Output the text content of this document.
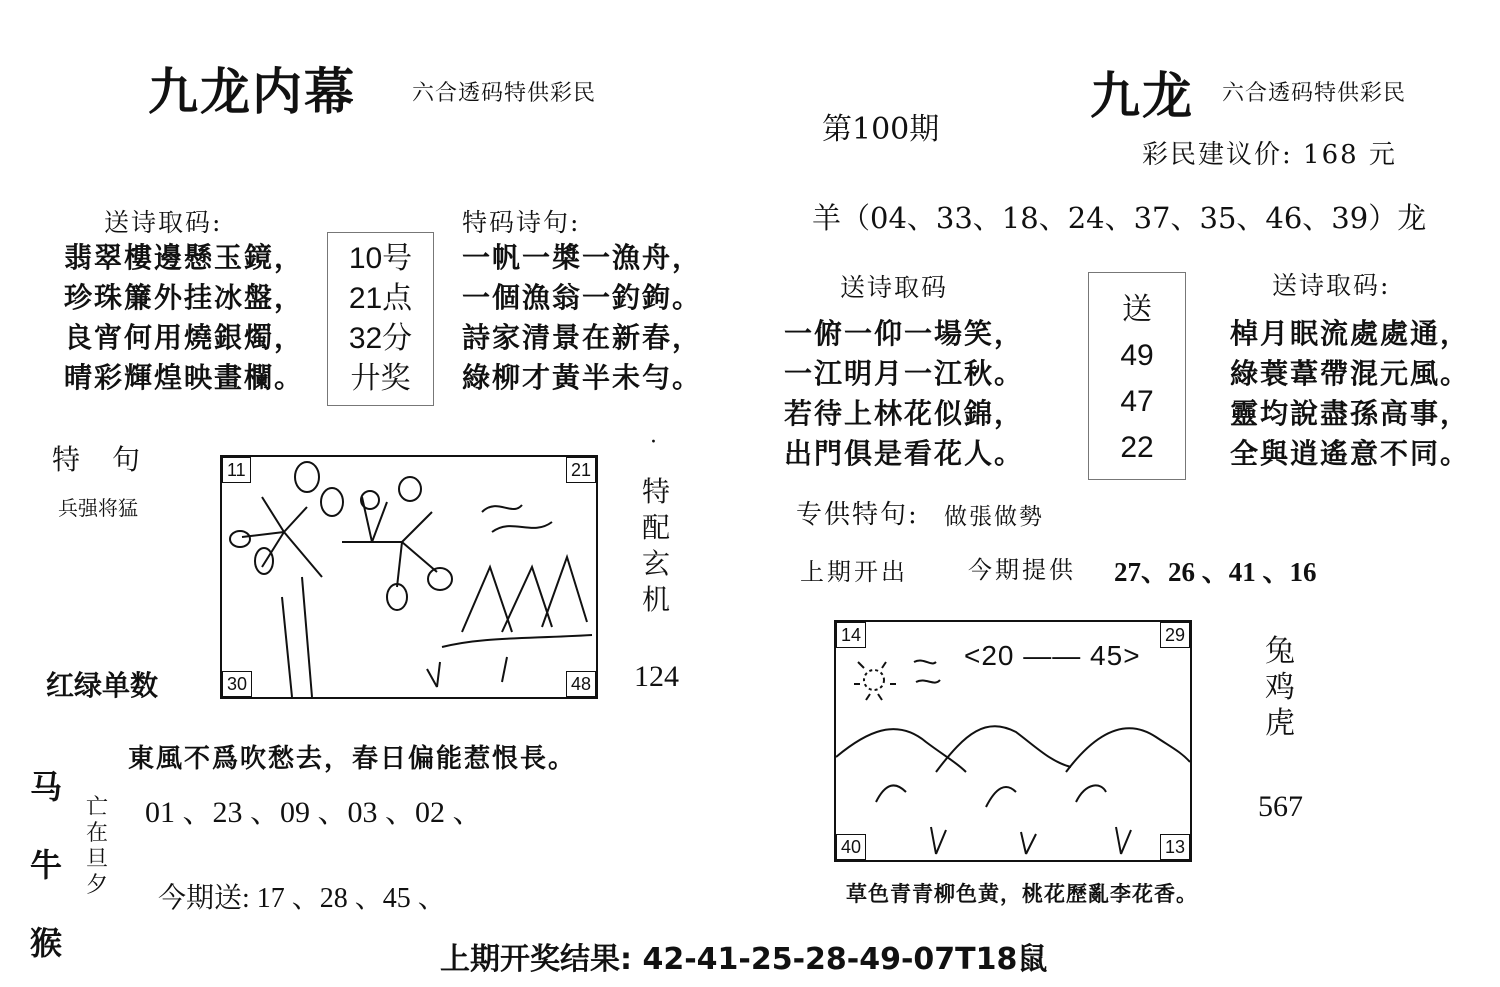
九龙内幕	六合透码特供彩民
送诗取码:
翡翠樓邊懸玉鏡，
珍珠簾外挂冰盤，
良宵何用燒銀燭，
晴彩輝煌映畫欄。
10号
21点
32分
廾奖
特码诗句:
一帆一槳一漁舟，
一個漁翁一釣鉤。
詩家清景在新春，
綠柳才黃半未勻。
特　句
兵强将猛
11	21
30	48
·
特
配
玄
机
红绿单数	124
马
牛
猴
東風不爲吹愁去，春日偏能惹恨長。
亡
在
旦
夕
01 、23 、09 、03 、02 、
今期送: 17 、28 、45 、
第100期
九龙 六合透码特供彩民
彩民建议价: 168 元
羊（04、33、18、24、37、35、46、39）龙
送诗取码
一俯一仰一場笑，
一江明月一江秋。
若待上林花似錦，
出門俱是看花人。
送
49
47
22
送诗取码:
棹月眠流處處通，
綠蓑葦帶混元風。
靈均說盡孫高事，
全與逍遙意不同。
专供特句: 做張做勢
上期开出	今期提供 27、26 、41 、16
<20 —— 45>
14	29
40	13
兔
鸡
虎
567
草色青青柳色黄，桃花歷亂李花香。
上期开奖结果: 42-41-25-28-49-07T18鼠
